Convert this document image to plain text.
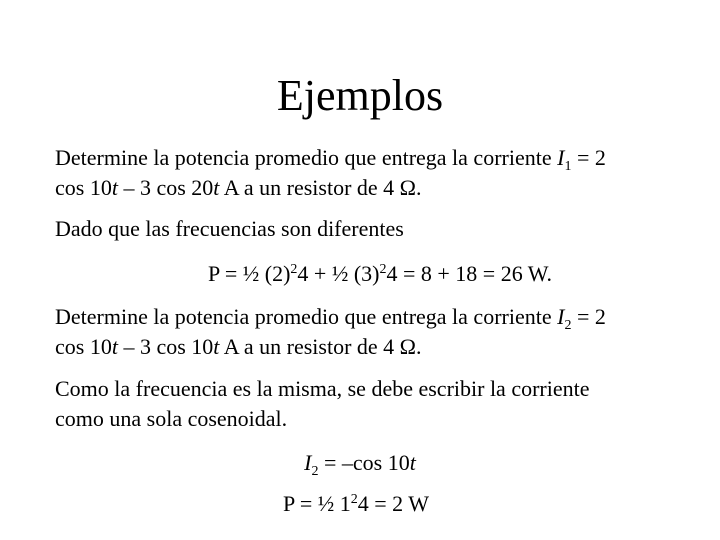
Ejemplos
Determine la potencia promedio que entrega la corriente $I_1 = 2$
cos 10t – 3 cos 20t A a un resistor de 4 Ω.
Dado que las frecuencias son diferentes
P = ½ $(2)^24$ + ½ $(3)^24 = 8 + 18 = 26$ W.
Determine la potencia promedio que entrega la corriente $I_2 = 2$
cos 10t – 3 cos 10t A a un resistor de 4 Ω.
Como la frecuencia es la misma, se debe escribir la corriente
como una sola cosenoidal.
$I_2 = -\cos$ 10t
P = ½ $1^24 = 2$ W
